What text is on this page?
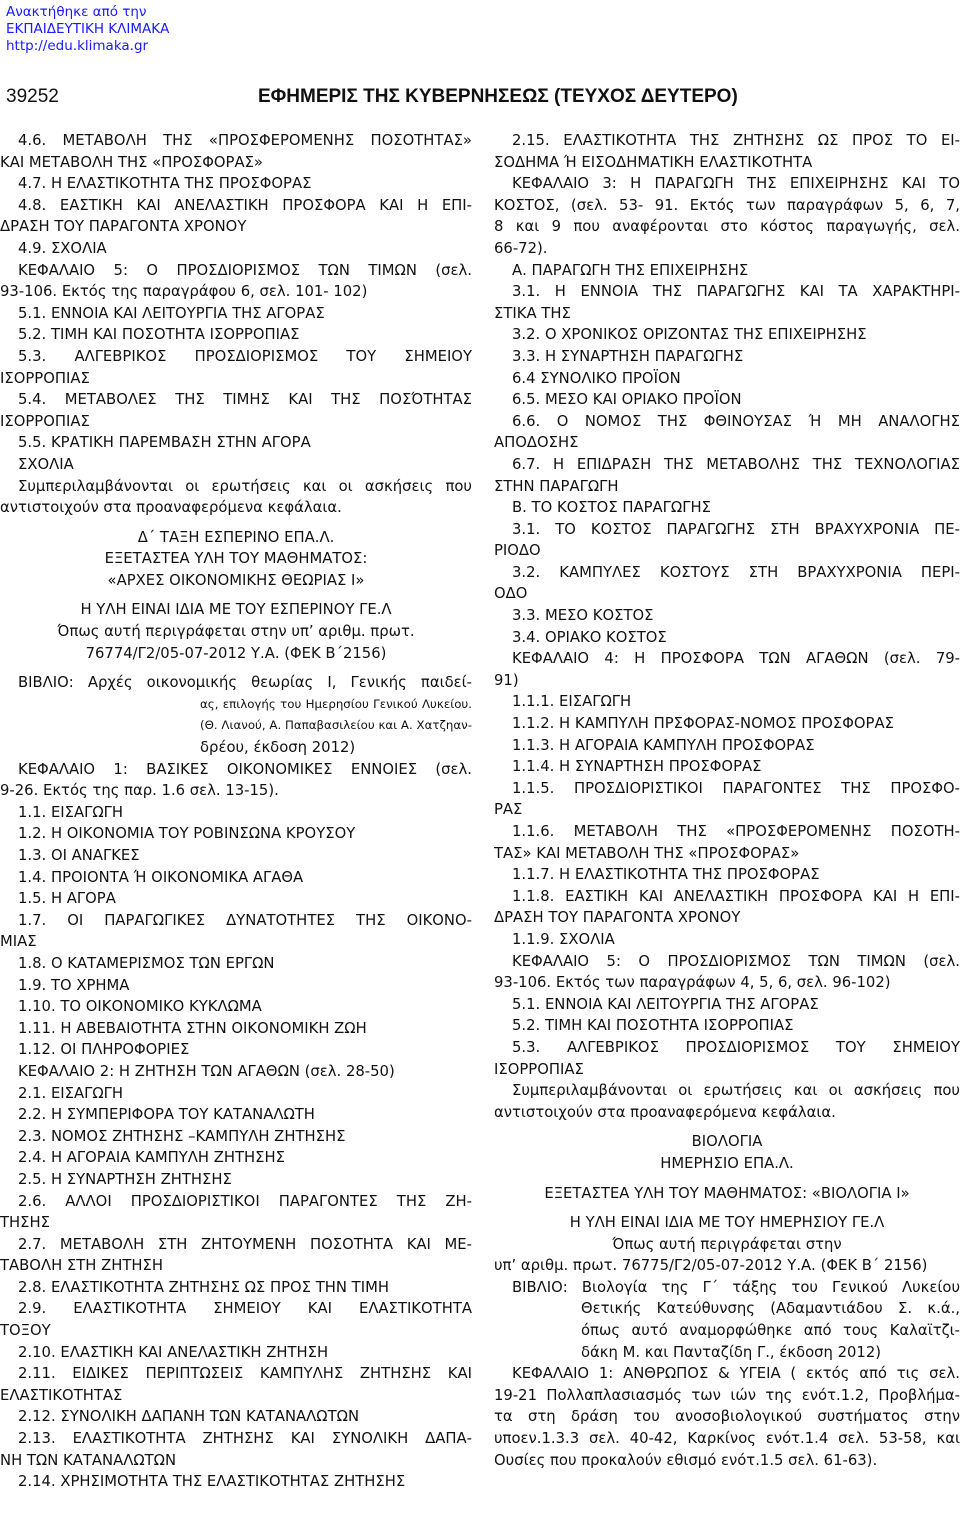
Ανακτήθηκε από την
ΕΚΠΑΙΔΕΥΤΙΚΗ ΚΛΙΜΑΚΑ
http://edu.klimaka.gr
39252	ΕΦΗΜΕΡΙΣ ΤΗΣ ΚΥΒΕΡΝΗΣΕΩΣ (ΤΕΥΧΟΣ ΔΕΥΤΕΡΟ)
4.6. ΜΕΤΑΒΟΛΗ ΤΗΣ «ΠΡΟΣΦΕΡΟΜΕΝΗΣ ΠΟΣΟΤΗΤΑΣ»
ΚΑΙ ΜΕΤΑΒΟΛΗ ΤΗΣ «ΠΡΟΣΦΟΡΑΣ»
4.7. Η ΕΛΑΣΤΙΚΟΤΗΤΑ ΤΗΣ ΠΡΟΣΦΟΡΑΣ
4.8. ΕΑΣΤΙΚΗ ΚΑΙ ΑΝΕΛΑΣΤΙΚΗ ΠΡΟΣΦΟΡΑ ΚΑΙ Η ΕΠΙ-
ΔΡΑΣΗ ΤΟΥ ΠΑΡΑΓΟΝΤΑ ΧΡΟΝΟΥ
4.9. ΣΧΟΛΙΑ
ΚΕΦΑΛΑΙΟ 5: Ο ΠΡΟΣΔΙΟΡΙΣΜΟΣ ΤΩΝ ΤΙΜΩΝ (σελ.
93-106. Εκτός της παραγράφου 6, σελ. 101- 102)
5.1. ΕΝΝΟΙΑ ΚΑΙ ΛΕΙΤΟΥΡΓΙΑ ΤΗΣ ΑΓΟΡΑΣ
5.2. ΤΙΜΗ ΚΑΙ ΠΟΣΟΤΗΤΑ ΙΣΟΡΡΟΠΙΑΣ
5.3. ΑΛΓΕΒΡΙΚΟΣ ΠΡΟΣΔΙΟΡΙΣΜΟΣ ΤΟΥ ΣΗΜΕΙΟΥ
ΙΣΟΡΡΟΠΙΑΣ
5.4. ΜΕΤΑΒΟΛΕΣ ΤΗΣ ΤΙΜΗΣ ΚΑΙ ΤΗΣ ΠΟΣΌΤΗΤΑΣ
ΙΣΟΡΡΟΠΙΑΣ
5.5. ΚΡΑΤΙΚΗ ΠΑΡΕΜΒΑΣΗ ΣΤΗΝ ΑΓΟΡΑ
ΣΧΟΛΙΑ
Συμπεριλαμβάνονται οι ερωτήσεις και οι ασκήσεις που
αντιστοιχούν στα προαναφερόμενα κεφάλαια.
Δ΄ ΤΑΞΗ ΕΣΠΕΡΙΝΟ ΕΠΑ.Λ.
ΕΞΕΤΑΣΤΕΑ ΥΛΗ ΤΟΥ ΜΑΘΗΜΑΤΟΣ:
«ΑΡΧΕΣ ΟΙΚΟΝΟΜΙΚΗΣ ΘΕΩΡΙΑΣ Ι»
Η ΥΛΗ ΕΙΝΑΙ ΙΔΙΑ ΜΕ ΤΟΥ ΕΣΠΕΡΙΝΟΥ ΓΕ.Λ
Όπως αυτή περιγράφεται στην υπ’ αριθμ. πρωτ.
76774/Γ2/05-07-2012 Υ.Α. (ΦΕΚ Β΄2156)
ΒΙΒΛΙΟ: Αρχές οικονομικής θεωρίας Ι, Γενικής παιδεί-
ας, επιλογής του Ημερησίου Γενικού Λυκείου.
(Θ. Λιανού, Α. Παπαβασιλείου και Α. Χατζηαν-
δρέου, έκδοση 2012)
ΚΕΦΑΛΑΙΟ 1: ΒΑΣΙΚΕΣ ΟΙΚΟΝΟΜΙΚΕΣ ΕΝΝΟΙΕΣ (σελ.
9-26. Εκτός της παρ. 1.6 σελ. 13-15).
1.1. ΕΙΣΑΓΩΓΗ
1.2. Η ΟΙΚΟΝΟΜΙΑ ΤΟΥ ΡΟΒΙΝΣΩΝΑ ΚΡΟΥΣΟΥ
1.3. ΟΙ ΑΝΑΓΚΕΣ
1.4. ΠΡΟΙΟΝΤΑ Ή ΟΙΚΟΝΟΜΙΚΑ ΑΓΑΘΑ
1.5. Η ΑΓΟΡΑ
1.7. ΟΙ ΠΑΡΑΓΩΓΙΚΕΣ ΔΥΝΑΤΟΤΗΤΕΣ ΤΗΣ ΟΙΚΟΝΟ-
ΜΙΑΣ
1.8. Ο ΚΑΤΑΜΕΡΙΣΜΟΣ ΤΩΝ ΕΡΓΩΝ
1.9. ΤΟ ΧΡΗΜΑ
1.10. ΤΟ ΟΙΚΟΝΟΜΙΚΟ ΚΥΚΛΩΜΑ
1.11. Η ΑΒΕΒΑΙΟΤΗΤΑ ΣΤΗΝ ΟΙΚΟΝΟΜΙΚΗ ΖΩΗ
1.12. ΟΙ ΠΛΗΡΟΦΟΡΙΕΣ
ΚΕΦΑΛΑΙΟ 2: Η ΖΗΤΗΣΗ ΤΩΝ ΑΓΑΘΩΝ (σελ. 28-50)
2.1. ΕΙΣΑΓΩΓΗ
2.2. Η ΣΥΜΠΕΡΙΦΟΡΑ ΤΟΥ ΚΑΤΑΝΑΛΩΤΗ
2.3. ΝΟΜΟΣ ΖΗΤΗΣΗΣ –ΚΑΜΠΥΛΗ ΖΗΤΗΣΗΣ
2.4. Η ΑΓΟΡΑΙΑ ΚΑΜΠΥΛΗ ΖΗΤΗΣΗΣ
2.5. Η ΣΥΝΑΡΤΗΣΗ ΖΗΤΗΣΗΣ
2.6. ΑΛΛΟΙ ΠΡΟΣΔΙΟΡΙΣΤΙΚΟΙ ΠΑΡΑΓΟΝΤΕΣ ΤΗΣ ΖΗ-
ΤΗΣΗΣ
2.7. ΜΕΤΑΒΟΛΗ ΣΤΗ ΖΗΤΟΥΜΕΝΗ ΠΟΣΟΤΗΤΑ ΚΑΙ ΜΕ-
ΤΑΒΟΛΗ ΣΤΗ ΖΗΤΗΣΗ
2.8. ΕΛΑΣΤΙΚΟΤΗΤΑ ΖΗΤΗΣΗΣ ΩΣ ΠΡΟΣ ΤΗΝ ΤΙΜΗ
2.9. ΕΛΑΣΤΙΚΟΤΗΤΑ ΣΗΜΕΙΟΥ ΚΑΙ ΕΛΑΣΤΙΚΟΤΗΤΑ
ΤΟΞΟΥ
2.10. ΕΛΑΣΤΙΚΗ ΚΑΙ ΑΝΕΛΑΣΤΙΚΗ ΖΗΤΗΣΗ
2.11. ΕΙΔΙΚΕΣ ΠΕΡΙΠΤΩΣΕΙΣ ΚΑΜΠΥΛΗΣ ΖΗΤΗΣΗΣ ΚΑΙ
ΕΛΑΣΤΙΚΟΤΗΤΑΣ
2.12. ΣΥΝΟΛΙΚΗ ΔΑΠΑΝΗ ΤΩΝ ΚΑΤΑΝΑΛΩΤΩΝ
2.13. ΕΛΑΣΤΙΚΟΤΗΤΑ ΖΗΤΗΣΗΣ ΚΑΙ ΣΥΝΟΛΙΚΗ ΔΑΠΑ-
ΝΗ ΤΩΝ ΚΑΤΑΝΑΛΩΤΩΝ
2.14. ΧΡΗΣΙΜΟΤΗΤΑ ΤΗΣ ΕΛΑΣΤΙΚΟΤΗΤΑΣ ΖΗΤΗΣΗΣ
2.15. ΕΛΑΣΤΙΚΟΤΗΤΑ ΤΗΣ ΖΗΤΗΣΗΣ ΩΣ ΠΡΟΣ ΤΟ ΕΙ-
ΣΟΔΗΜΑ Ή ΕΙΣΟΔΗΜΑΤΙΚΗ ΕΛΑΣΤΙΚΟΤΗΤΑ
ΚΕΦΑΛΑΙΟ 3: Η ΠΑΡΑΓΩΓΗ ΤΗΣ ΕΠΙΧΕΙΡΗΣΗΣ ΚΑΙ ΤΟ
ΚΟΣΤΟΣ, (σελ. 53- 91. Εκτός των παραγράφων 5, 6, 7,
8 και 9 που αναφέρονται στο κόστος παραγωγής, σελ.
66-72).
Α. ΠΑΡΑΓΩΓΗ ΤΗΣ ΕΠΙΧΕΙΡΗΣΗΣ
3.1. Η ΕΝΝΟΙΑ ΤΗΣ ΠΑΡΑΓΩΓΗΣ ΚΑΙ ΤΑ ΧΑΡΑΚΤΗΡΙ-
ΣΤΙΚΑ ΤΗΣ
3.2. Ο ΧΡΟΝΙΚΟΣ ΟΡΙΖΟΝΤΑΣ ΤΗΣ ΕΠΙΧΕΙΡΗΣΗΣ
3.3. Η ΣΥΝΑΡΤΗΣΗ ΠΑΡΑΓΩΓΗΣ
6.4 ΣΥΝΟΛΙΚΟ ΠΡΟΪΟΝ
6.5. ΜΕΣΟ ΚΑΙ ΟΡΙΑΚΟ ΠΡΟΪΟΝ
6.6. Ο ΝΟΜΟΣ ΤΗΣ ΦΘΙΝΟΥΣΑΣ Ή ΜΗ ΑΝΑΛΟΓΗΣ
ΑΠΟΔΟΣΗΣ
6.7. Η ΕΠΙΔΡΑΣΗ ΤΗΣ ΜΕΤΑΒΟΛΗΣ ΤΗΣ ΤΕΧΝΟΛΟΓΙΑΣ
ΣΤΗΝ ΠΑΡΑΓΩΓΗ
Β. ΤΟ ΚΟΣΤΟΣ ΠΑΡΑΓΩΓΗΣ
3.1. ΤΟ ΚΟΣΤΟΣ ΠΑΡΑΓΩΓΗΣ ΣΤΗ ΒΡΑΧΥΧΡΟΝΙΑ ΠΕ-
ΡΙΟΔΟ
3.2. ΚΑΜΠΥΛΕΣ ΚΟΣΤΟΥΣ ΣΤΗ ΒΡΑΧΥΧΡΟΝΙΑ ΠΕΡΙ-
ΟΔΟ
3.3. ΜΕΣΟ ΚΟΣΤΟΣ
3.4. ΟΡΙΑΚΟ ΚΟΣΤΟΣ
ΚΕΦΑΛΑΙΟ 4: Η ΠΡΟΣΦΟΡΑ ΤΩΝ ΑΓΑΘΩΝ (σελ. 79-
91)
1.1.1. ΕΙΣΑΓΩΓΗ
1.1.2. Η ΚΑΜΠΥΛΗ ΠΡΣΦΟΡΑΣ-ΝΟΜΟΣ ΠΡΟΣΦΟΡΑΣ
1.1.3. Η ΑΓΟΡΑΙΑ ΚΑΜΠΥΛΗ ΠΡΟΣΦΟΡΑΣ
1.1.4. Η ΣΥΝΑΡΤΗΣΗ ΠΡΟΣΦΟΡΑΣ
1.1.5. ΠΡΟΣΔΙΟΡΙΣΤΙΚΟΙ ΠΑΡΑΓΟΝΤΕΣ ΤΗΣ ΠΡΟΣΦΟ-
ΡΑΣ
1.1.6. ΜΕΤΑΒΟΛΗ ΤΗΣ «ΠΡΟΣΦΕΡΟΜΕΝΗΣ ΠΟΣΟΤΗ-
ΤΑΣ» ΚΑΙ ΜΕΤΑΒΟΛΗ ΤΗΣ «ΠΡΟΣΦΟΡΑΣ»
1.1.7. Η ΕΛΑΣΤΙΚΟΤΗΤΑ ΤΗΣ ΠΡΟΣΦΟΡΑΣ
1.1.8. ΕΑΣΤΙΚΗ ΚΑΙ ΑΝΕΛΑΣΤΙΚΗ ΠΡΟΣΦΟΡΑ ΚΑΙ Η ΕΠΙ-
ΔΡΑΣΗ ΤΟΥ ΠΑΡΑΓΟΝΤΑ ΧΡΟΝΟΥ
1.1.9. ΣΧΟΛΙΑ
ΚΕΦΑΛΑΙΟ 5: Ο ΠΡΟΣΔΙΟΡΙΣΜΟΣ ΤΩΝ ΤΙΜΩΝ (σελ.
93-106. Εκτός των παραγράφων 4, 5, 6, σελ. 96-102)
5.1. ΕΝΝΟΙΑ ΚΑΙ ΛΕΙΤΟΥΡΓΙΑ ΤΗΣ ΑΓΟΡΑΣ
5.2. ΤΙΜΗ ΚΑΙ ΠΟΣΟΤΗΤΑ ΙΣΟΡΡΟΠΙΑΣ
5.3. ΑΛΓΕΒΡΙΚΟΣ ΠΡΟΣΔΙΟΡΙΣΜΟΣ ΤΟΥ ΣΗΜΕΙΟΥ
ΙΣΟΡΡΟΠΙΑΣ
Συμπεριλαμβάνονται οι ερωτήσεις και οι ασκήσεις που
αντιστοιχούν στα προαναφερόμενα κεφάλαια.
ΒΙΟΛΟΓΙΑ
ΗΜΕΡΗΣΙΟ ΕΠΑ.Λ.
ΕΞΕΤΑΣΤΕΑ ΥΛΗ ΤΟΥ ΜΑΘΗΜΑΤΟΣ: «ΒΙΟΛΟΓΙΑ Ι»
Η ΥΛΗ ΕΙΝΑΙ ΙΔΙΑ ΜΕ ΤΟΥ ΗΜΕΡΗΣΙΟΥ ΓΕ.Λ
Όπως αυτή περιγράφεται στην
υπ’ αριθμ. πρωτ. 76775/Γ2/05-07-2012 Υ.Α. (ΦΕΚ Β΄ 2156)
ΒΙΒΛΙΟ: Βιολογία της Γ΄ τάξης του Γενικού Λυκείου
Θετικής Κατεύθυνσης (Αδαμαντιάδου Σ. κ.ά.,
όπως αυτό αναμορφώθηκε από τους Καλαϊτζι-
δάκη Μ. και Πανταζίδη Γ., έκδοση 2012)
ΚΕΦΑΛΑΙΟ 1: ΑΝΘΡΩΠΟΣ & ΥΓΕΙΑ ( εκτός από τις σελ.
19-21 Πολλαπλασιασμός των ιών της ενότ.1.2, Προβλήμα-
τα στη δράση του ανοσοβιολογικού συστήματος στην
υποεν.1.3.3 σελ. 40-42, Καρκίνος ενότ.1.4 σελ. 53-58, και
Ουσίες που προκαλούν εθισμό ενότ.1.5 σελ. 61-63).
